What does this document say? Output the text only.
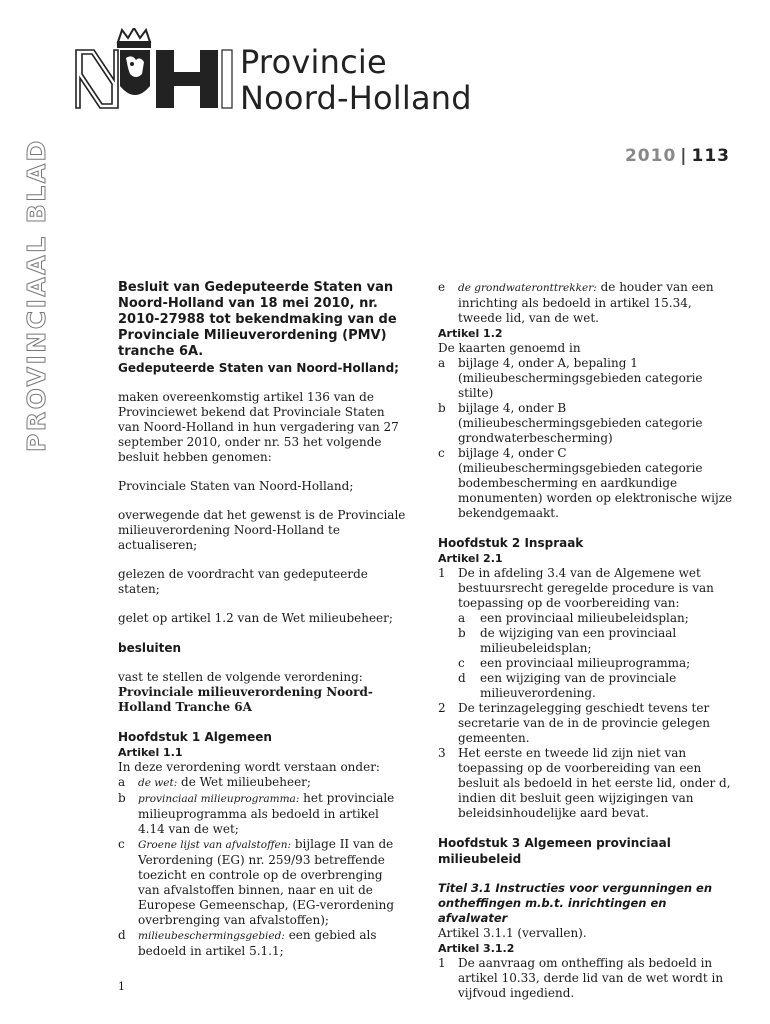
Provincie
Noord-Holland
2010 | 113
PROVINCIAAL BLAD	Besluit van Gedeputeerde Staten van Noord-Holland van 18 mei 2010, nr. 2010-27988 tot bekendmaking van de Provinciale Milieuverordening (PMV) tranche 6A.

Gedeputeerde Staten van Noord-Holland;

maken overeenkomstig artikel 136 van de Provinciewet bekend dat Provinciale Staten van Noord-Holland in hun vergadering van 27 september 2010, onder nr. 53 het volgende besluit hebben genomen:

Provinciale Staten van Noord-Holland;

overwegende dat het gewenst is de Provinciale milieuverordening Noord-Holland te actualiseren;

gelezen de voordracht van gedeputeerde staten;

gelet op artikel 1.2 van de Wet milieubeheer;

besluiten

vast te stellen de volgende verordening:

Provinciale milieuverordening Noord-Holland Tranche 6A

Hoofdstuk 1 Algemeen

Artikel 1.1

In deze verordening wordt verstaan onder:

a	de wet: de Wet milieubeheer;
b	provinciaal milieuprogramma: het provinciale milieuprogramma als bedoeld in artikel 4.14 van de wet;
c	Groene lijst van afvalstoffen: bijlage II van de Verordening (EG) nr. 259/93 betreffende toezicht en controle op de overbrenging van afvalstoffen binnen, naar en uit de Europese Gemeenschap, (EG-verordening overbrenging van afvalstoffen);
d	milieubeschermingsgebied: een gebied als bedoeld in artikel 5.1.1;
1
e	de grondwateronttrekker: de houder van een inrichting als bedoeld in artikel 15.34, tweede lid, van de wet.

Artikel 1.2

De kaarten genoemd in

a	bijlage 4, onder A, bepaling 1 (milieubeschermingsgebieden categorie stilte)
b	bijlage 4, onder B (milieubeschermingsgebieden categorie grondwaterbescherming)
c	bijlage 4, onder C (milieubeschermingsgebieden categorie bodembescherming en aardkundige monumenten) worden op elektronische wijze bekendgemaakt.

Hoofdstuk 2 Inspraak

Artikel 2.1

1	De in afdeling 3.4 van de Algemene wet bestuursrecht geregelde procedure is van toepassing op de voorbereiding van:
a	een provinciaal milieubeleidsplan;
b	de wijziging van een provinciaal milieubeleidsplan;
c	een provinciaal milieuprogramma;
d	een wijziging van de provinciale milieuverordening.
2	De terinzagelegging geschiedt tevens ter secretarie van de in de provincie gelegen gemeenten.
3	Het eerste en tweede lid zijn niet van toepassing op de voorbereiding van een besluit als bedoeld in het eerste lid, onder d, indien dit besluit geen wijzigingen van beleidsinhoudelijke aard bevat.

Hoofdstuk 3 Algemeen provinciaal milieubeleid

Titel 3.1 Instructies voor vergunningen en ontheffingen m.b.t. inrichtingen en afvalwater

Artikel 3.1.1 (vervallen).

Artikel 3.1.2

1	De aanvraag om ontheffing als bedoeld in artikel 10.33, derde lid van de wet wordt in vijfvoud ingediend.
